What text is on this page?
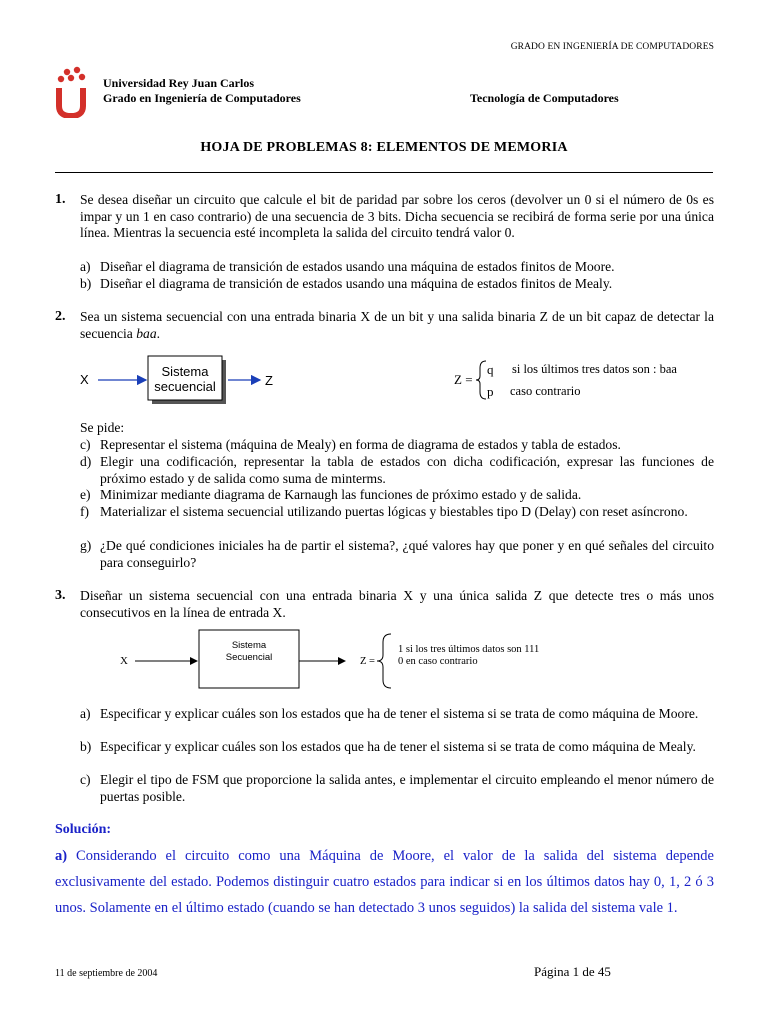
GRADO EN INGENIERÍA DE COMPUTADORES
Universidad Rey Juan Carlos
Grado en Ingeniería de Computadores	Tecnología de Computadores
HOJA DE PROBLEMAS 8: ELEMENTOS DE MEMORIA
1. Se desea diseñar un circuito que calcule el bit de paridad par sobre los ceros (devolver un 0 si el número de 0s es impar y un 1 en caso contrario) de una secuencia de 3 bits. Dicha secuencia se recibirá de forma serie por una única línea. Mientras la secuencia esté incompleta la salida del circuito tendrá valor 0.
a) Diseñar el diagrama de transición de estados usando una máquina de estados finitos de Moore.
b) Diseñar el diagrama de transición de estados usando una máquina de estados finitos de Mealy.
2. Sea un sistema secuencial con una entrada binaria X de un bit y una salida binaria Z de un bit capaz de detectar la secuencia baa.
X
Sistema
secuencial	Z	Z =
q si los últimos tres datos son : baa
p caso contrario
Se pide:
c) Representar el sistema (máquina de Mealy) en forma de diagrama de estados y tabla de estados.
d) Elegir una codificación, representar la tabla de estados con dicha codificación, expresar las funciones de próximo estado y de salida como suma de minterms.
e) Minimizar mediante diagrama de Karnaugh las funciones de próximo estado y de salida.
f) Materializar el sistema secuencial utilizando puertas lógicas y biestables tipo D (Delay) con reset asíncrono.
g) ¿De qué condiciones iniciales ha de partir el sistema?, ¿qué valores hay que poner y en qué señales del circuito para conseguirlo?
3. Diseñar un sistema secuencial con una entrada binaria X y una única salida Z que detecte tres o más unos consecutivos en la línea de entrada X.
X
Sistema
Secuencial	Z =
1 si los tres últimos datos son 111
0 en caso contrario
a) Especificar y explicar cuáles son los estados que ha de tener el sistema si se trata de como máquina de Moore.
b) Especificar y explicar cuáles son los estados que ha de tener el sistema si se trata de como máquina de Mealy.
c) Elegir el tipo de FSM que proporcione la salida antes, e implementar el circuito empleando el menor número de puertas posible.
Solución:
a) Considerando el circuito como una Máquina de Moore, el valor de la salida del sistema depende exclusivamente del estado. Podemos distinguir cuatro estados para indicar si en los últimos datos hay 0, 1, 2 ó 3 unos. Solamente en el último estado (cuando se han detectado 3 unos seguidos) la salida del sistema vale 1.
11 de septiembre de 2004	Página 1 de 45
